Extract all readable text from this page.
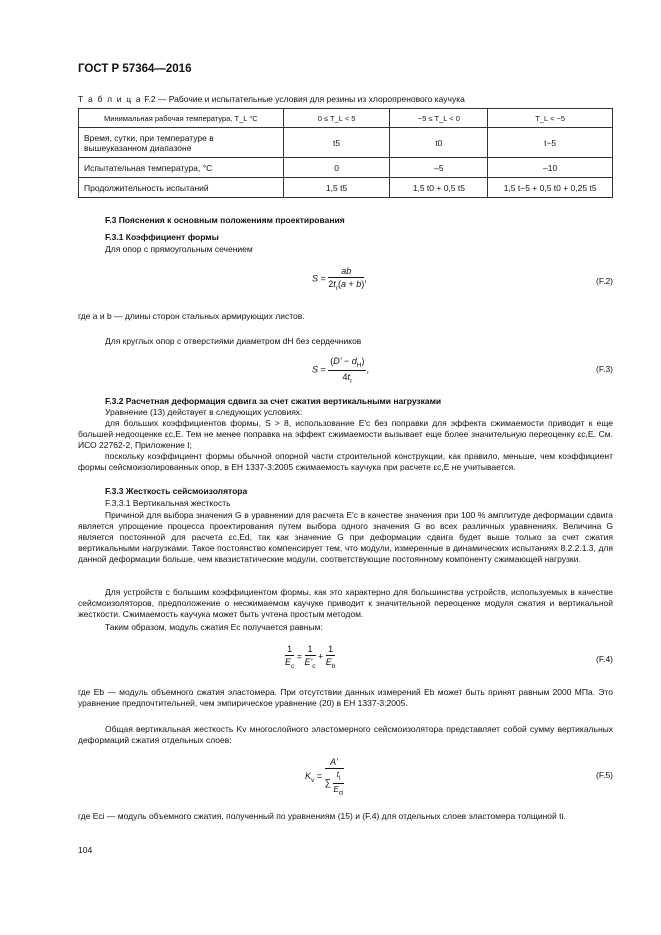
ГОСТ Р 57364—2016
Т а б л и ц а F.2 — Рабочие и испытательные условия для резины из хлоропренового каучука
Минимальная рабочая температура, T_L °C	0 ≤ T_L < 5	−5 ≤ T_L < 0	T_L < −5
Время, сутки, при температуре в вышеуказанном диапазоне	t5	t0	t−5
Испытательная температура, °C	0	–5	–10
Продолжительность испытаний	1,5 t5	1,5 t0 + 0,5 t5	1,5 t−5 + 0,5 t0 + 0,25 t5
F.3 Пояснения к основным положениям проектирования
F.3.1 Коэффициент формы
Для опор с прямоугольным сечением
$S = \frac{ab}{2t_r(a + b)}$ ,	(F.2)
где a и b — длины сторон стальных армирующих листов.
Для круглых опор с отверстиями диаметром dH без сердечников
$S = \frac{(D' - d_H)}{4t_r}$ ,	(F.3)
F.3.2 Расчетная деформация сдвига за счет сжатия вертикальными нагрузками
Уравнение (13) действует в следующих условиях:
для больших коэффициентов формы, S > 8, использование E'c без поправки для эффекта сжимаемости приводит к еще большей недооценке εc,E. Тем не менее поправка на эффект сжимаемости вызывает еще более значительную переоценку εc,E. См. ИСО 22762-2, Приложение I;
поскольку коэффициент формы обычной опорной части строительной конструкции, как правило, меньше, чем коэффициент формы сейсмоизолированных опор, в ЕН 1337-3:2005 сжимаемость каучука при расчете εc,E не учитывается.
F.3.3 Жесткость сейсмоизолятора
F.3.3.1 Вертикальная жесткость
Причиной для выбора значения G в уравнении для расчета E'c в качестве значения при 100 % амплитуде деформации сдвига является упрощение процесса проектирования путем выбора одного значения G во всех различных уравнениях. Величина G является постоянной для расчета εc,Ed, так как значение G при деформации сдвига будет выше только за счет сжатия вертикальными нагрузками. Такое постоянство компенсирует тем, что модули, измеренные в динамических испытаниях 8.2.2.1.3, для данной деформации больше, чем квазистатические модули, соответствующие постоянному компоненту сжимающей нагрузки.
Для устройств с большим коэффициентом формы, как это характерно для большинства устройств, используемых в качестве сейсмоизоляторов, предположение о несжимаемом каучуке приводит к значительной переоценке модуля сжатия и вертикальной жесткости. Сжимаемость каучука может быть учтена простым методом.
Таким образом, модуль сжатия Ec получается равным:
$\frac{1}{E_c} = \frac{1}{E'_c} + \frac{1}{E_b}$	(F.4)
где Eb — модуль объемного сжатия эластомера. При отсутствии данных измерений Eb может быть принят равным 2000 МПа. Это уравнение предпочтительней, чем эмпирическое уравнение (20) в ЕН 1337-3:2005.
Общая вертикальная жесткость Kv многослойного эластомерного сейсмоизолятора представляет собой сумму вертикальных деформаций сжатия отдельных слоев:
$K_v = \frac{A'}{\sum \frac{t_i}{E_{ci}}}$	(F.5)
где Eci — модуль объемного сжатия, полученный по уравнениям (15) и (F.4) для отдельных слоев эластомера толщиной ti.
104
